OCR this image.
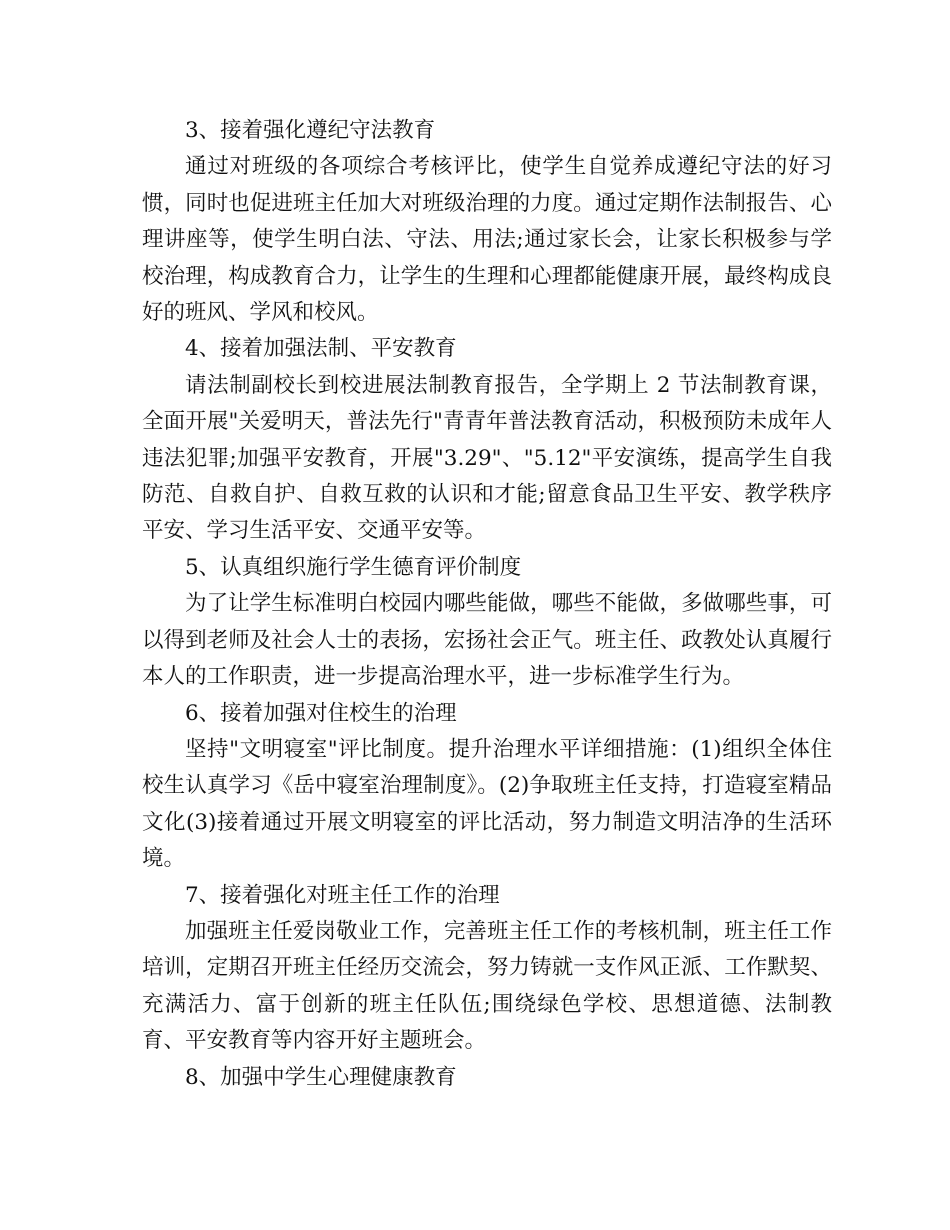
3、接着强化遵纪守法教育

通过对班级的各项综合考核评比，使学生自觉养成遵纪守法的好习惯，同时也促进班主任加大对班级治理的力度。通过定期作法制报告、心理讲座等，使学生明白法、守法、用法;通过家长会，让家长积极参与学校治理，构成教育合力，让学生的生理和心理都能健康开展，最终构成良好的班风、学风和校风。

4、接着加强法制、平安教育

请法制副校长到校进展法制教育报告，全学期上 2 节法制教育课，全面开展"关爱明天，普法先行"青青年普法教育活动，积极预防未成年人违法犯罪;加强平安教育，开展"3.29"、"5.12"平安演练，提高学生自我防范、自救自护、自救互救的认识和才能;留意食品卫生平安、教学秩序平安、学习生活平安、交通平安等。

5、认真组织施行学生德育评价制度

为了让学生标准明白校园内哪些能做，哪些不能做，多做哪些事，可以得到老师及社会人士的表扬，宏扬社会正气。班主任、政教处认真履行本人的工作职责，进一步提高治理水平，进一步标准学生行为。

6、接着加强对住校生的治理

坚持"文明寝室"评比制度。提升治理水平详细措施：(1)组织全体住校生认真学习《岳中寝室治理制度》。(2)争取班主任支持，打造寝室精品文化(3)接着通过开展文明寝室的评比活动，努力制造文明洁净的生活环境。

7、接着强化对班主任工作的治理

加强班主任爱岗敬业工作，完善班主任工作的考核机制，班主任工作培训，定期召开班主任经历交流会，努力铸就一支作风正派、工作默契、充满活力、富于创新的班主任队伍;围绕绿色学校、思想道德、法制教育、平安教育等内容开好主题班会。

8、加强中学生心理健康教育
